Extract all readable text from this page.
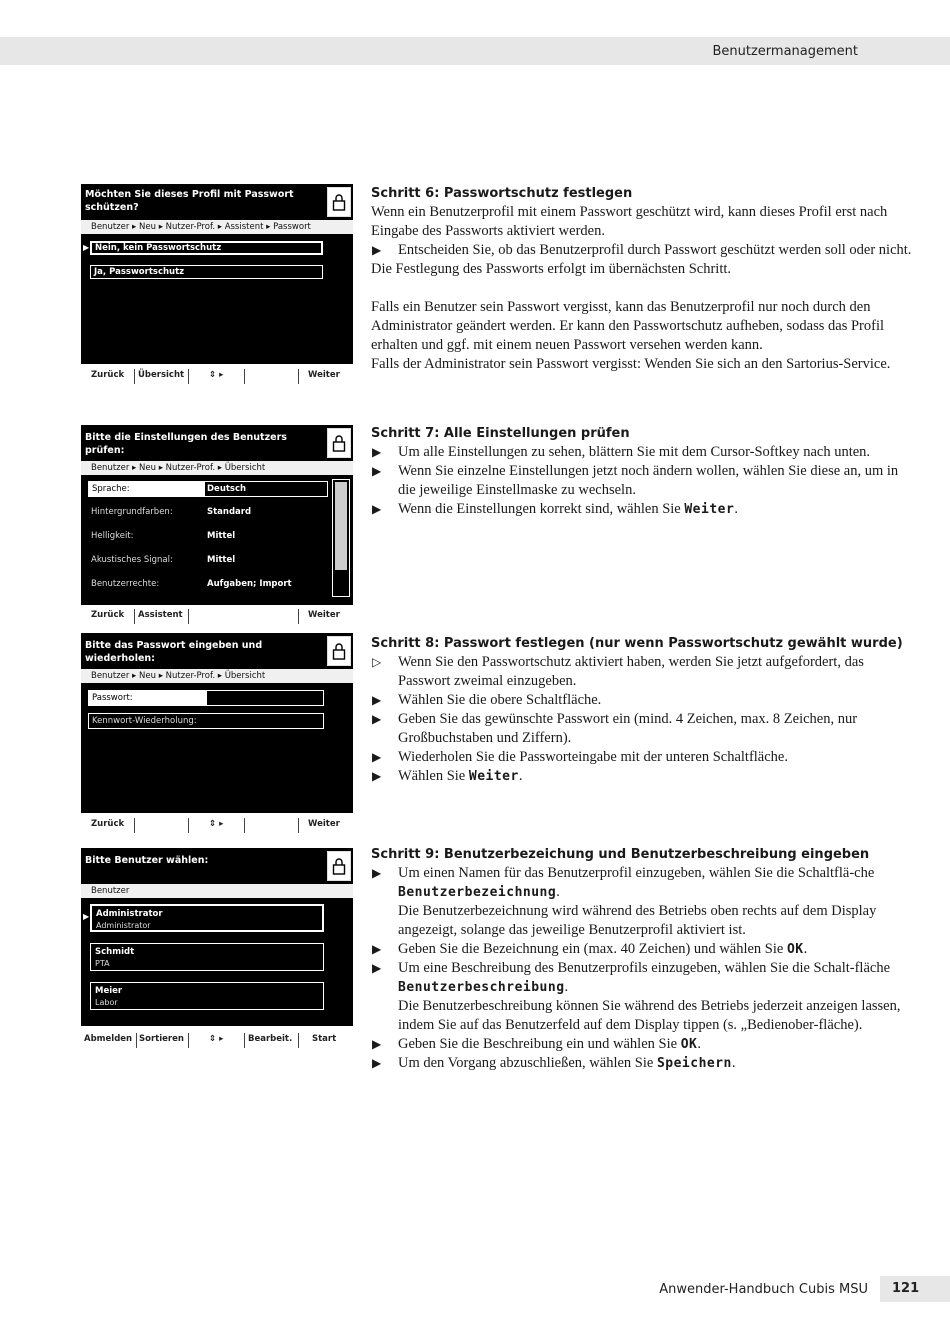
Benutzermanagement
Möchten Sie dieses Profil mit Passwort schützen?
Benutzer ▸ Neu ▸ Nutzer-Prof. ▸ Assistent ▸ Passwort
▶ Nein, kein Passwortschutz
Ja, Passwortschutz
Zurück Übersicht	⇕ ▸	Weiter
Bitte die Einstellungen des Benutzers prüfen:
Benutzer ▸ Neu ▸ Nutzer-Prof. ▸ Übersicht
Sprache:	Deutsch
Hintergrundfarben:	Standard
Helligkeit:	Mittel
Akustisches Signal:	Mittel
Benutzerrechte:	Aufgaben; Import
Zurück Assistent	Weiter
Bitte das Passwort eingeben und wiederholen:
Benutzer ▸ Neu ▸ Nutzer-Prof. ▸ Übersicht
Passwort:
Kennwort-Wiederholung:
Zurück	⇕ ▸	Weiter
Bitte Benutzer wählen:
Benutzer
▶ Administrator
Administrator
Schmidt
PTA
Meier
Labor
Abmelden Sortieren	⇕ ▸	Bearbeit. Start
Schritt 6: Passwortschutz festlegen

Wenn ein Benutzerprofil mit einem Passwort geschützt wird, kann dieses Profil erst nach Eingabe des Passworts aktiviert werden.

▶ Entscheiden Sie, ob das Benutzerprofil durch Passwort geschützt werden soll oder nicht.

Die Festlegung des Passworts erfolgt im übernächsten Schritt.

Falls ein Benutzer sein Passwort vergisst, kann das Benutzerprofil nur noch durch den Administrator geändert werden. Er kann den Passwortschutz aufheben, sodass das Profil erhalten und ggf. mit einem neuen Passwort versehen werden kann.

Falls der Administrator sein Passwort vergisst: Wenden Sie sich an den Sartorius-Service.

Schritt 7: Alle Einstellungen prüfen
▶ Um alle Einstellungen zu sehen, blättern Sie mit dem Cursor-Softkey nach unten.
▶ Wenn Sie einzelne Einstellungen jetzt noch ändern wollen, wählen Sie diese an, um in die jeweilige Einstellmaske zu wechseln.
▶ Wenn die Einstellungen korrekt sind, wählen Sie Weiter.
Schritt 8: Passwort festlegen (nur wenn Passwortschutz gewählt wurde)
▷ Wenn Sie den Passwortschutz aktiviert haben, werden Sie jetzt aufgefordert, das Passwort zweimal einzugeben.
▶ Wählen Sie die obere Schaltfläche.
▶ Geben Sie das gewünschte Passwort ein (mind. 4 Zeichen, max. 8 Zeichen, nur Großbuchstaben und Ziffern).
▶ Wiederholen Sie die Passworteingabe mit der unteren Schaltfläche.
▶ Wählen Sie Weiter.
Schritt 9: Benutzerbezeichung und Benutzerbeschreibung eingeben
▶ Um einen Namen für das Benutzerprofil einzugeben, wählen Sie die Schaltflä-che Benutzerbezeichnung.
Die Benutzerbezeichnung wird während des Betriebs oben rechts auf dem Display angezeigt, solange das jeweilige Benutzerprofil aktiviert ist.
▶ Geben Sie die Bezeichnung ein (max. 40 Zeichen) und wählen Sie OK.
▶ Um eine Beschreibung des Benutzerprofils einzugeben, wählen Sie die Schalt-fläche Benutzerbeschreibung.
Die Benutzerbeschreibung können Sie während des Betriebs jederzeit anzeigen lassen, indem Sie auf das Benutzerfeld auf dem Display tippen (s. „Bedienober-fläche).
▶ Geben Sie die Beschreibung ein und wählen Sie OK.
▶ Um den Vorgang abzuschließen, wählen Sie Speichern.
Anwender-Handbuch Cubis MSU 121
